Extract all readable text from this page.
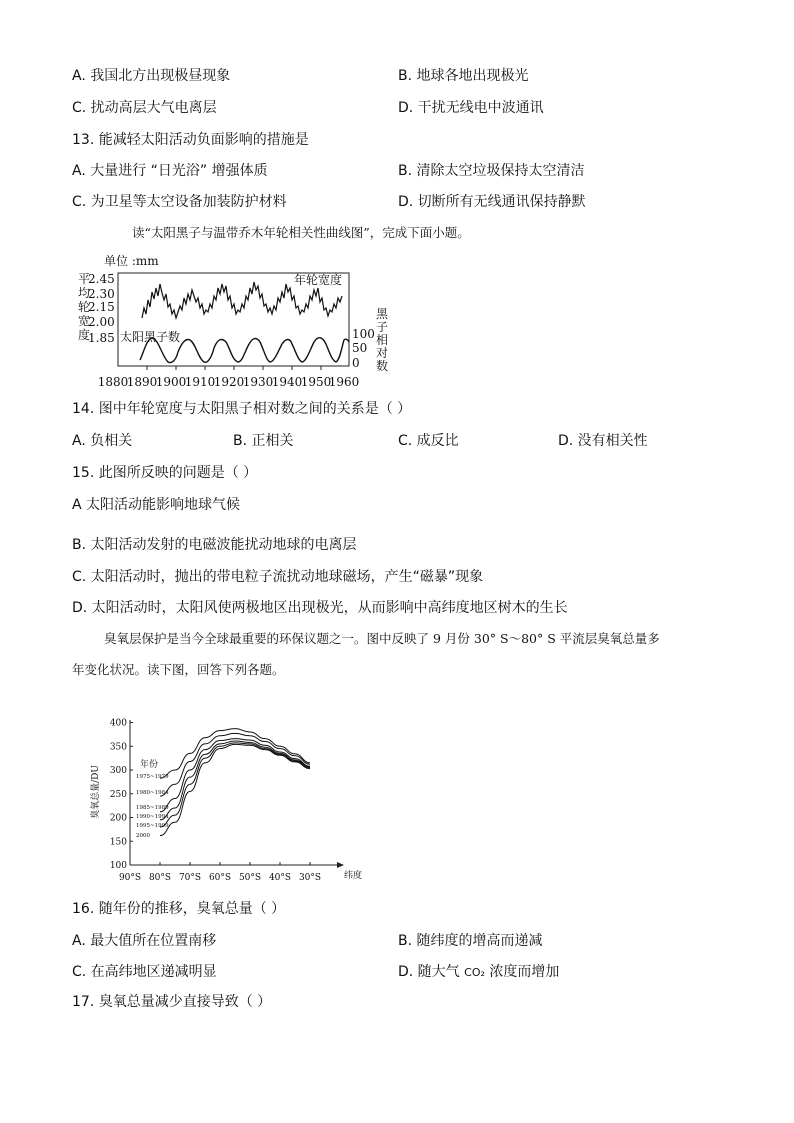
A. 我国北方出现极昼现象	B. 地球各地出现极光
C. 扰动高层大气电离层	D. 干扰无线电中波通讯
13. 能减轻太阳活动负面影响的措施是
A. 大量进行 “日光浴” 增强体质	B. 清除太空垃圾保持太空清洁
C. 为卫星等太空设备加装防护材料	D. 切断所有无线通讯保持静默
读“太阳黑子与温带乔木年轮相关性曲线图”，完成下面小题。
单位 :mm
平
均
轮
宽
度
2.45
2.30
2.15
2.00
1.85
年轮宽度
太阳黑子数
黑
子
相
对
数
100
50
0
1880
1890
1900
1910
1920
1930
1940
1950
1960
14. 图中年轮宽度与太阳黑子相对数之间的关系是（ ）
A. 负相关	B. 正相关	C. 成反比	D. 没有相关性
15. 此图所反映的问题是（ ）
A 太阳活动能影响地球气候
B. 太阳活动发射的电磁波能扰动地球的电离层
C. 太阳活动时，抛出的带电粒子流扰动地球磁场，产生“磁暴”现象
D. 太阳活动时，太阳风使两极地区出现极光，从而影响中高纬度地区树木的生长
臭氧层保护是当今全球最重要的环保议题之一。图中反映了 9 月份 30° S～80° S 平流层臭氧总量多
年变化状况。读下图，回答下列各题。
100
150
200
250
300
350
400
90°S 80°S 70°S 60°S 50°S 40°S 30°S
臭氧总量/DU
纬度
年份
1975~1979
1980~1984
1985~1989
1990~1994
1995~1999
2000
16. 随年份的推移，臭氧总量（ ）
A. 最大值所在位置南移	B. 随纬度的增高而递减
C. 在高纬地区递减明显	D. 随大气 CO₂ 浓度而增加
17. 臭氧总量减少直接导致（ ）
